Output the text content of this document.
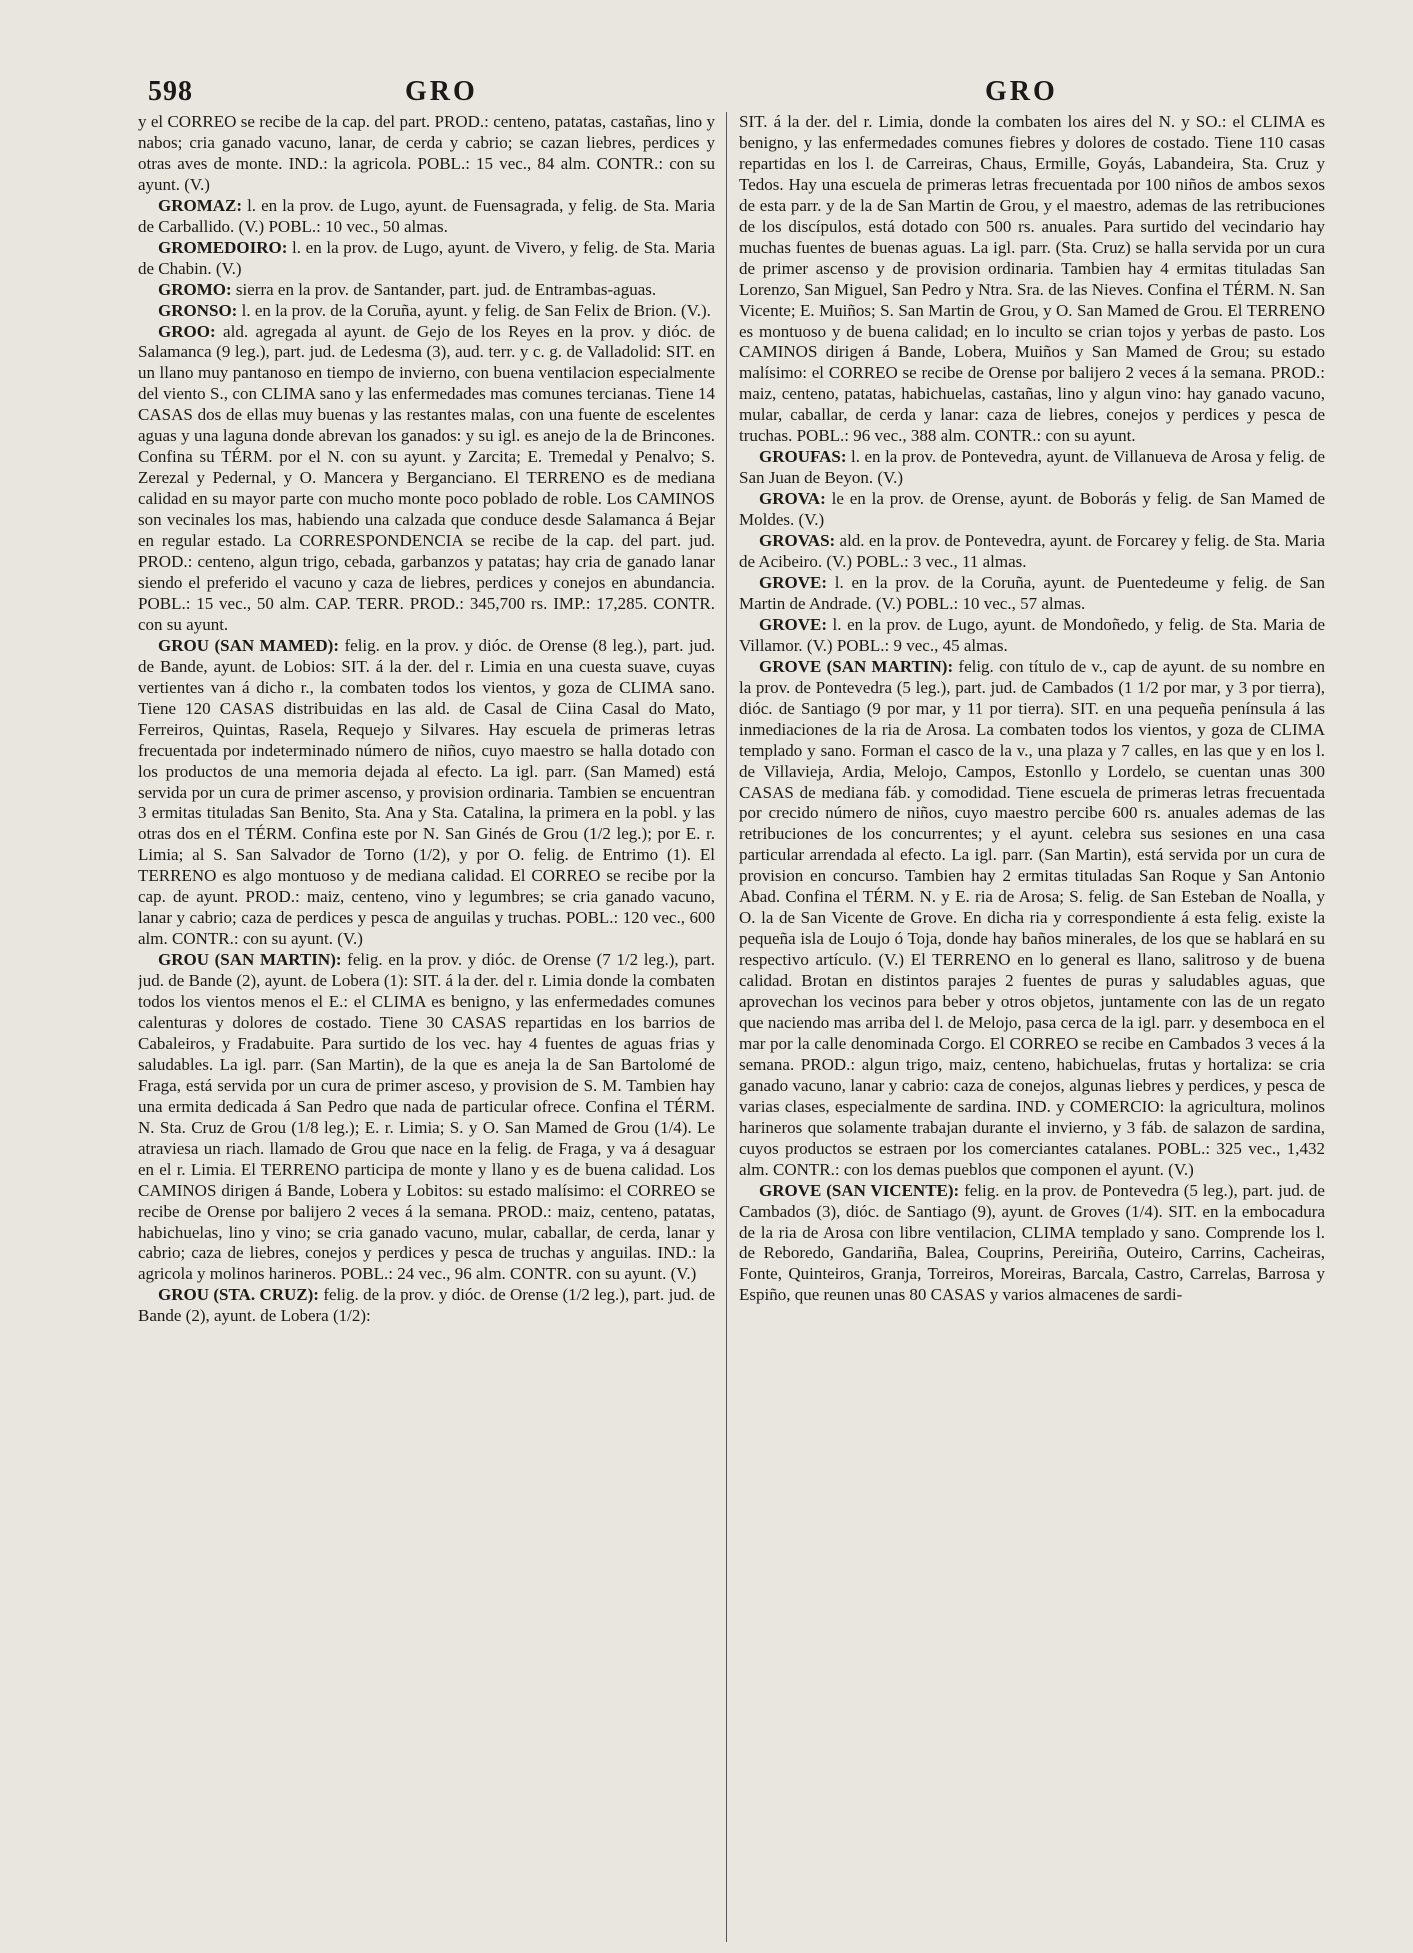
598	GRO	GRO

y el CORREO se recibe de la cap. del part. PROD.: centeno, patatas, castañas, lino y nabos; cria ganado vacuno, lanar, de cerda y cabrio; se cazan liebres, perdices y otras aves de monte. IND.: la agricola. POBL.: 15 vec., 84 alm. CONTR.: con su ayunt. (V.)

GROMAZ: l. en la prov. de Lugo, ayunt. de Fuensagrada, y felig. de Sta. Maria de Carballido. (V.) POBL.: 10 vec., 50 almas.

GROMEDOIRO: l. en la prov. de Lugo, ayunt. de Vivero, y felig. de Sta. Maria de Chabin. (V.)

GROMO: sierra en la prov. de Santander, part. jud. de Entrambas-aguas.

GRONSO: l. en la prov. de la Coruña, ayunt. y felig. de San Felix de Brion. (V.).

GROO: ald. agregada al ayunt. de Gejo de los Reyes en la prov. y dióc. de Salamanca (9 leg.), part. jud. de Ledesma (3), aud. terr. y c. g. de Valladolid: SIT. en un llano muy pantanoso en tiempo de invierno, con buena ventilacion especialmente del viento S., con CLIMA sano y las enfermedades mas comunes tercianas. Tiene 14 CASAS dos de ellas muy buenas y las restantes malas, con una fuente de escelentes aguas y una laguna donde abrevan los ganados: y su igl. es anejo de la de Brincones. Confina su TÉRM. por el N. con su ayunt. y Zarcita; E. Tremedal y Penalvo; S. Zerezal y Pedernal, y O. Mancera y Berganciano. El TERRENO es de mediana calidad en su mayor parte con mucho monte poco poblado de roble. Los CAMINOS son vecinales los mas, habiendo una calzada que conduce desde Salamanca á Bejar en regular estado. La CORRESPONDENCIA se recibe de la cap. del part. jud. PROD.: centeno, algun trigo, cebada, garbanzos y patatas; hay cria de ganado lanar siendo el preferido el vacuno y caza de liebres, perdices y conejos en abundancia. POBL.: 15 vec., 50 alm. CAP. TERR. PROD.: 345,700 rs. IMP.: 17,285. CONTR. con su ayunt.

GROU (SAN MAMED): felig. en la prov. y dióc. de Orense (8 leg.), part. jud. de Bande, ayunt. de Lobios: SIT. á la der. del r. Limia en una cuesta suave, cuyas vertientes van á dicho r., la combaten todos los vientos, y goza de CLIMA sano. Tiene 120 CASAS distribuidas en las ald. de Casal de Ciina Casal do Mato, Ferreiros, Quintas, Rasela, Requejo y Silvares. Hay escuela de primeras letras frecuentada por indeterminado número de niños, cuyo maestro se halla dotado con los productos de una memoria dejada al efecto. La igl. parr. (San Mamed) está servida por un cura de primer ascenso, y provision ordinaria. Tambien se encuentran 3 ermitas tituladas San Benito, Sta. Ana y Sta. Catalina, la primera en la pobl. y las otras dos en el TÉRM. Confina este por N. San Ginés de Grou (1/2 leg.); por E. r. Limia; al S. San Salvador de Torno (1/2), y por O. felig. de Entrimo (1). El TERRENO es algo montuoso y de mediana calidad. El CORREO se recibe por la cap. de ayunt. PROD.: maiz, centeno, vino y legumbres; se cria ganado vacuno, lanar y cabrio; caza de perdices y pesca de anguilas y truchas. POBL.: 120 vec., 600 alm. CONTR.: con su ayunt. (V.)

GROU (SAN MARTIN): felig. en la prov. y dióc. de Orense (7 1/2 leg.), part. jud. de Bande (2), ayunt. de Lobera (1): SIT. á la der. del r. Limia donde la combaten todos los vientos menos el E.: el CLIMA es benigno, y las enfermedades comunes calenturas y dolores de costado. Tiene 30 CASAS repartidas en los barrios de Cabaleiros, y Fradabuite. Para surtido de los vec. hay 4 fuentes de aguas frias y saludables. La igl. parr. (San Martin), de la que es aneja la de San Bartolomé de Fraga, está servida por un cura de primer asceso, y provision de S. M. Tambien hay una ermita dedicada á San Pedro que nada de particular ofrece. Confina el TÉRM. N. Sta. Cruz de Grou (1/8 leg.); E. r. Limia; S. y O. San Mamed de Grou (1/4). Le atraviesa un riach. llamado de Grou que nace en la felig. de Fraga, y va á desaguar en el r. Limia. El TERRENO participa de monte y llano y es de buena calidad. Los CAMINOS dirigen á Bande, Lobera y Lobitos: su estado malísimo: el CORREO se recibe de Orense por balijero 2 veces á la semana. PROD.: maiz, centeno, patatas, habichuelas, lino y vino; se cria ganado vacuno, mular, caballar, de cerda, lanar y cabrio; caza de liebres, conejos y perdices y pesca de truchas y anguilas. IND.: la agricola y molinos harineros. POBL.: 24 vec., 96 alm. CONTR. con su ayunt. (V.)

GROU (STA. CRUZ): felig. de la prov. y dióc. de Orense (1/2 leg.), part. jud. de Bande (2), ayunt. de Lobera (1/2):

SIT. á la der. del r. Limia, donde la combaten los aires del N. y SO.: el CLIMA es benigno, y las enfermedades comunes fiebres y dolores de costado. Tiene 110 casas repartidas en los l. de Carreiras, Chaus, Ermille, Goyás, Labandeira, Sta. Cruz y Tedos. Hay una escuela de primeras letras frecuentada por 100 niños de ambos sexos de esta parr. y de la de San Martin de Grou, y el maestro, ademas de las retribuciones de los discípulos, está dotado con 500 rs. anuales. Para surtido del vecindario hay muchas fuentes de buenas aguas. La igl. parr. (Sta. Cruz) se halla servida por un cura de primer ascenso y de provision ordinaria. Tambien hay 4 ermitas tituladas San Lorenzo, San Miguel, San Pedro y Ntra. Sra. de las Nieves. Confina el TÉRM. N. San Vicente; E. Muiños; S. San Martin de Grou, y O. San Mamed de Grou. El TERRENO es montuoso y de buena calidad; en lo inculto se crian tojos y yerbas de pasto. Los CAMINOS dirigen á Bande, Lobera, Muiños y San Mamed de Grou; su estado malísimo: el CORREO se recibe de Orense por balijero 2 veces á la semana. PROD.: maiz, centeno, patatas, habichuelas, castañas, lino y algun vino: hay ganado vacuno, mular, caballar, de cerda y lanar: caza de liebres, conejos y perdices y pesca de truchas. POBL.: 96 vec., 388 alm. CONTR.: con su ayunt.

GROUFAS: l. en la prov. de Pontevedra, ayunt. de Villanueva de Arosa y felig. de San Juan de Beyon. (V.)

GROVA: le en la prov. de Orense, ayunt. de Boborás y felig. de San Mamed de Moldes. (V.)

GROVAS: ald. en la prov. de Pontevedra, ayunt. de Forcarey y felig. de Sta. Maria de Acibeiro. (V.) POBL.: 3 vec., 11 almas.

GROVE: l. en la prov. de la Coruña, ayunt. de Puentedeume y felig. de San Martin de Andrade. (V.) POBL.: 10 vec., 57 almas.

GROVE: l. en la prov. de Lugo, ayunt. de Mondoñedo, y felig. de Sta. Maria de Villamor. (V.) POBL.: 9 vec., 45 almas.

GROVE (SAN MARTIN): felig. con título de v., cap de ayunt. de su nombre en la prov. de Pontevedra (5 leg.), part. jud. de Cambados (1 1/2 por mar, y 3 por tierra), dióc. de Santiago (9 por mar, y 11 por tierra). SIT. en una pequeña península á las inmediaciones de la ria de Arosa. La combaten todos los vientos, y goza de CLIMA templado y sano. Forman el casco de la v., una plaza y 7 calles, en las que y en los l. de Villavieja, Ardia, Melojo, Campos, Estonllo y Lordelo, se cuentan unas 300 CASAS de mediana fáb. y comodidad. Tiene escuela de primeras letras frecuentada por crecido número de niños, cuyo maestro percibe 600 rs. anuales ademas de las retribuciones de los concurrentes; y el ayunt. celebra sus sesiones en una casa particular arrendada al efecto. La igl. parr. (San Martin), está servida por un cura de provision en concurso. Tambien hay 2 ermitas tituladas San Roque y San Antonio Abad. Confina el TÉRM. N. y E. ria de Arosa; S. felig. de San Esteban de Noalla, y O. la de San Vicente de Grove. En dicha ria y correspondiente á esta felig. existe la pequeña isla de Loujo ó Toja, donde hay baños minerales, de los que se hablará en su respectivo artículo. (V.) El TERRENO en lo general es llano, salitroso y de buena calidad. Brotan en distintos parajes 2 fuentes de puras y saludables aguas, que aprovechan los vecinos para beber y otros objetos, juntamente con las de un regato que naciendo mas arriba del l. de Melojo, pasa cerca de la igl. parr. y desemboca en el mar por la calle denominada Corgo. El CORREO se recibe en Cambados 3 veces á la semana. PROD.: algun trigo, maiz, centeno, habichuelas, frutas y hortaliza: se cria ganado vacuno, lanar y cabrio: caza de conejos, algunas liebres y perdices, y pesca de varias clases, especialmente de sardina. IND. y COMERCIO: la agricultura, molinos harineros que solamente trabajan durante el invierno, y 3 fáb. de salazon de sardina, cuyos productos se estraen por los comerciantes catalanes. POBL.: 325 vec., 1,432 alm. CONTR.: con los demas pueblos que componen el ayunt. (V.)

GROVE (SAN VICENTE): felig. en la prov. de Pontevedra (5 leg.), part. jud. de Cambados (3), dióc. de Santiago (9), ayunt. de Groves (1/4). SIT. en la embocadura de la ria de Arosa con libre ventilacion, CLIMA templado y sano. Comprende los l. de Reboredo, Gandariña, Balea, Couprins, Pereiriña, Outeiro, Carrins, Cacheiras, Fonte, Quinteiros, Granja, Torreiros, Moreiras, Barcala, Castro, Carrelas, Barrosa y Espiño, que reunen unas 80 CASAS y varios almacenes de sardi-
